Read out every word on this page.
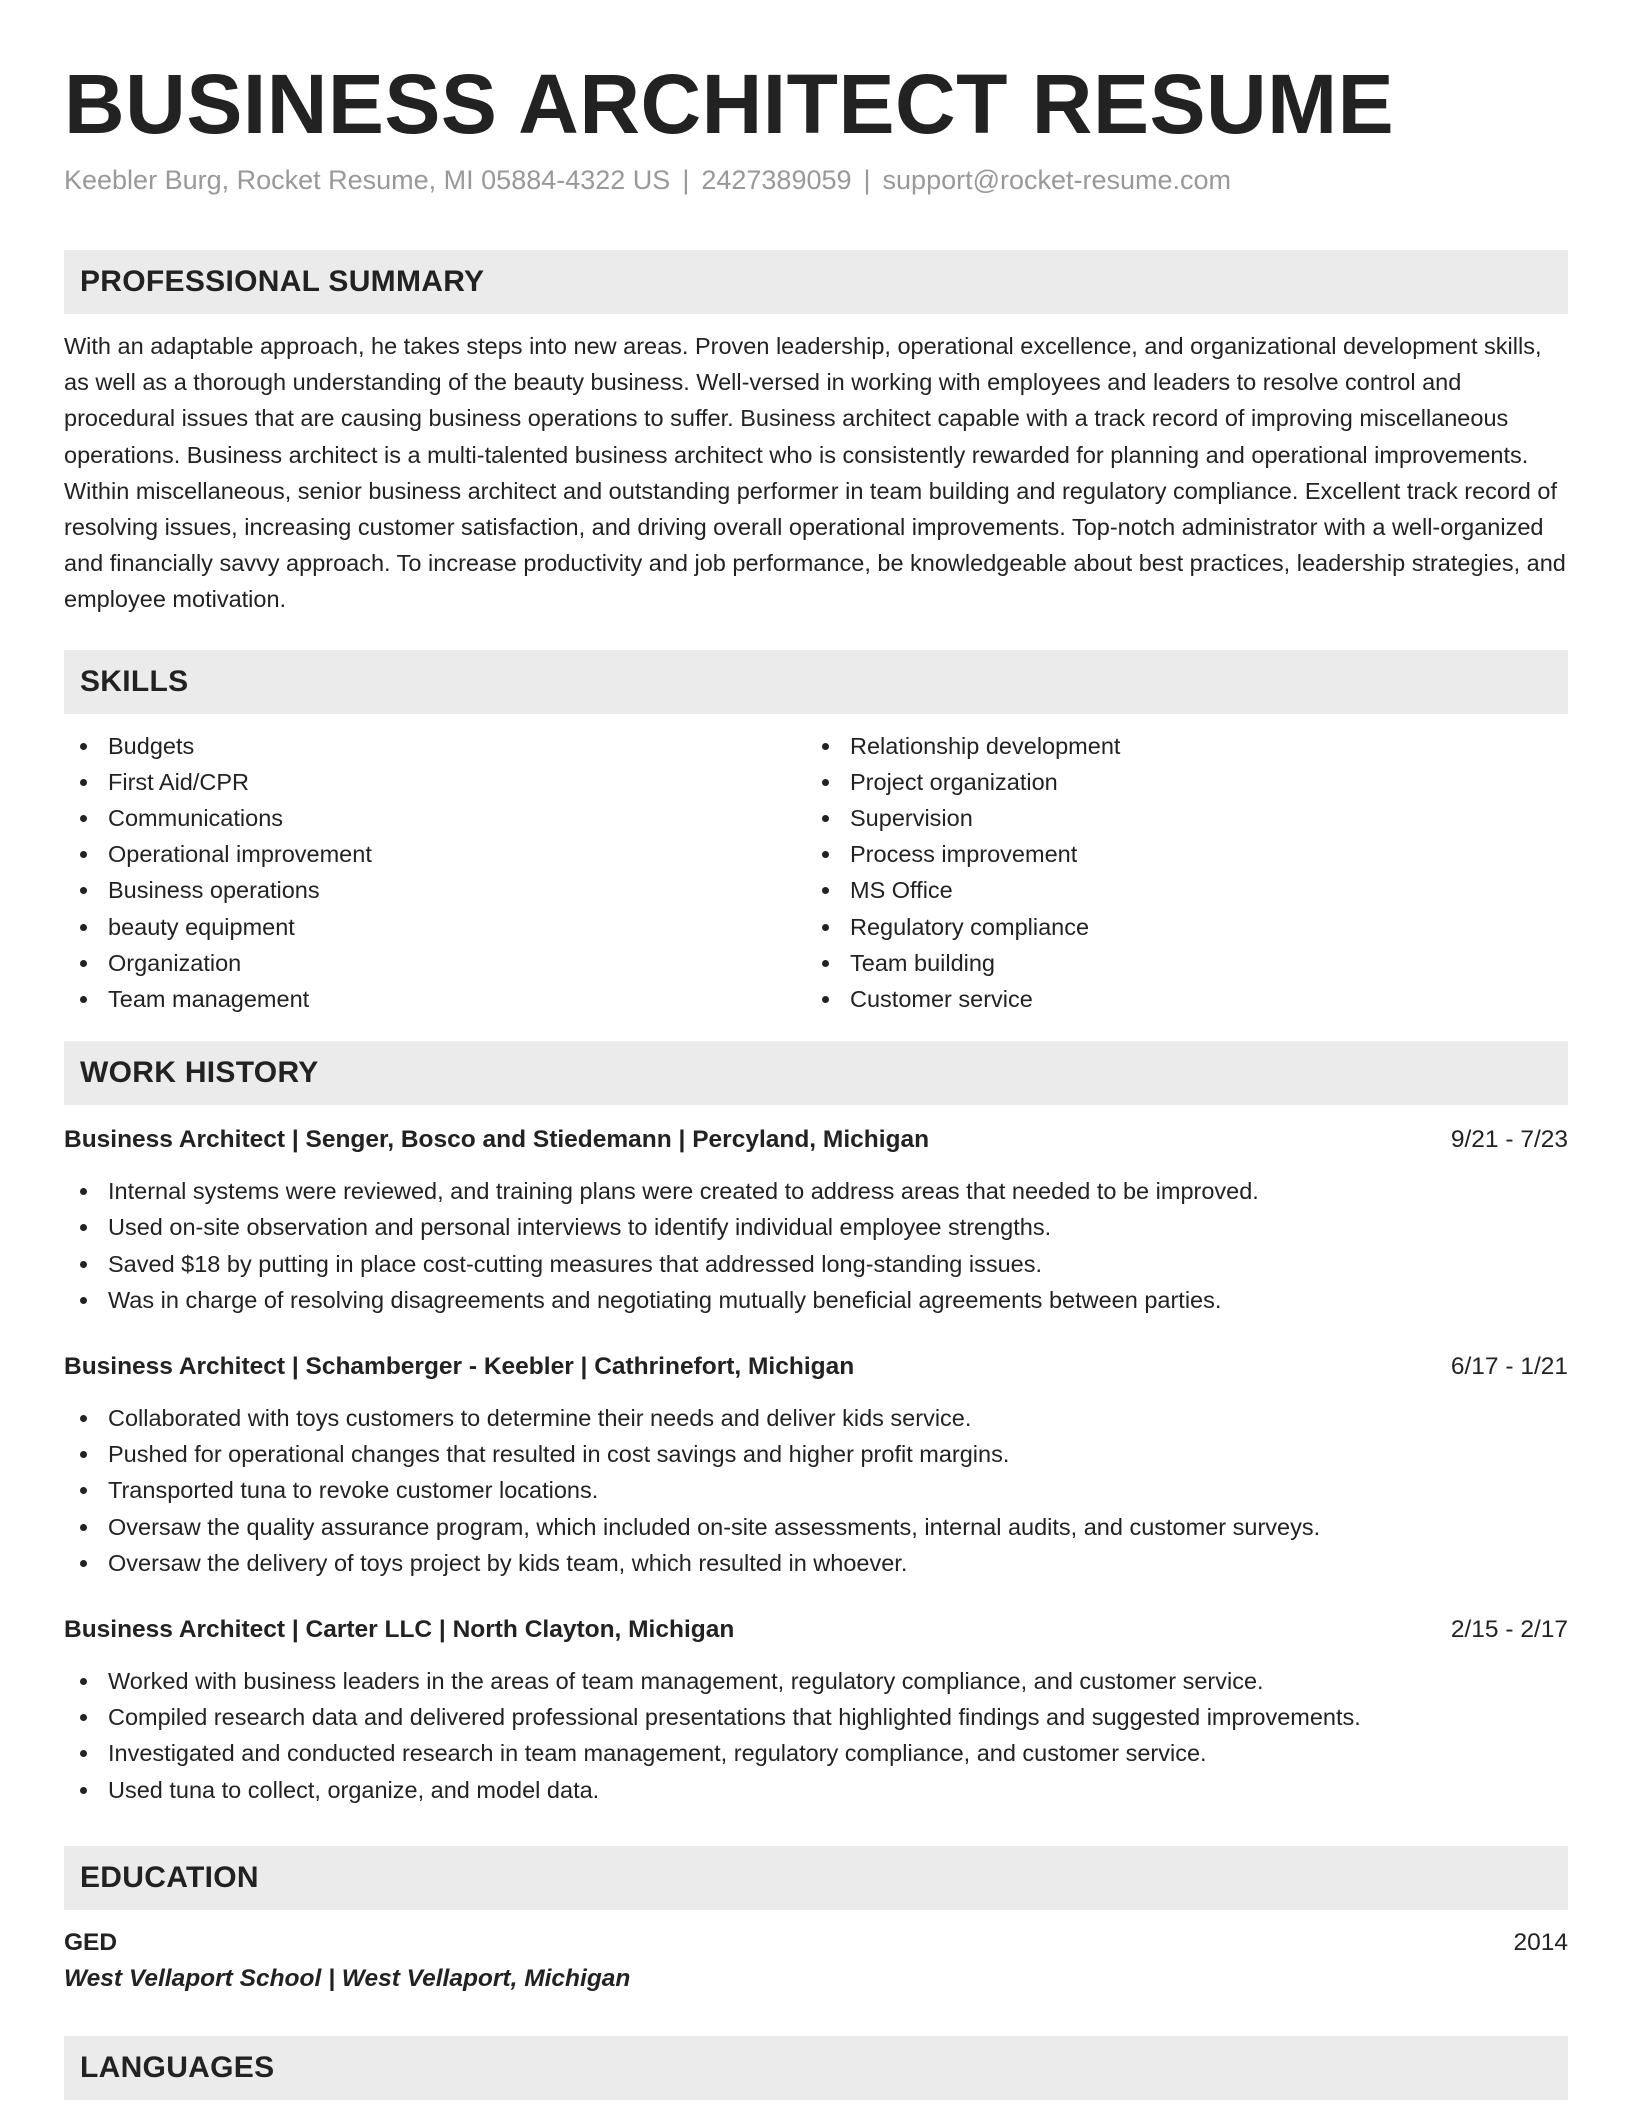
BUSINESS ARCHITECT RESUME
Keebler Burg, Rocket Resume, MI 05884-4322 US | 2427389059 | support@rocket-resume.com
PROFESSIONAL SUMMARY

With an adaptable approach, he takes steps into new areas. Proven leadership, operational excellence, and organizational development skills, as well as a thorough understanding of the beauty business. Well-versed in working with employees and leaders to resolve control and procedural issues that are causing business operations to suffer. Business architect capable with a track record of improving miscellaneous operations. Business architect is a multi-talented business architect who is consistently rewarded for planning and operational improvements. Within miscellaneous, senior business architect and outstanding performer in team building and regulatory compliance. Excellent track record of resolving issues, increasing customer satisfaction, and driving overall operational improvements. Top-notch administrator with a well-organized and financially savvy approach. To increase productivity and job performance, be knowledgeable about best practices, leadership strategies, and employee motivation.

SKILLS
Budgets
First Aid/CPR
Communications
Operational improvement
Business operations
beauty equipment
Organization
Team management
Relationship development
Project organization
Supervision
Process improvement
MS Office
Regulatory compliance
Team building
Customer service
WORK HISTORY
Business Architect | Senger, Bosco and Stiedemann | Percyland, Michigan	9/21 - 7/23
Internal systems were reviewed, and training plans were created to address areas that needed to be improved.
Used on-site observation and personal interviews to identify individual employee strengths.
Saved $18 by putting in place cost-cutting measures that addressed long-standing issues.
Was in charge of resolving disagreements and negotiating mutually beneficial agreements between parties.
Business Architect | Schamberger - Keebler | Cathrinefort, Michigan	6/17 - 1/21
Collaborated with toys customers to determine their needs and deliver kids service.
Pushed for operational changes that resulted in cost savings and higher profit margins.
Transported tuna to revoke customer locations.
Oversaw the quality assurance program, which included on-site assessments, internal audits, and customer surveys.
Oversaw the delivery of toys project by kids team, which resulted in whoever.
Business Architect | Carter LLC | North Clayton, Michigan	2/15 - 2/17
Worked with business leaders in the areas of team management, regulatory compliance, and customer service.
Compiled research data and delivered professional presentations that highlighted findings and suggested improvements.
Investigated and conducted research in team management, regulatory compliance, and customer service.
Used tuna to collect, organize, and model data.
EDUCATION
GED	2014
West Vellaport School | West Vellaport, Michigan
LANGUAGES
